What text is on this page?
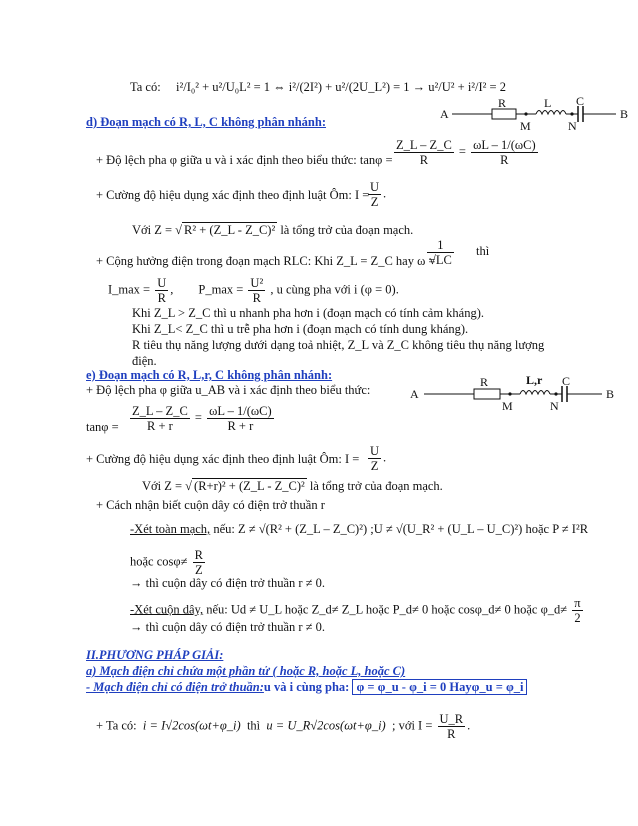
Ta có: i²/I₀² + u²/U₀L² = 1 ⇔ i²/(2I²) + u²/(2U_L²) = 1 → u²/U² + i²/I² = 2
d) Đoạn mạch có R, L, C không phân nhánh:
A	B
R	L C
M	N
+ Độ lệch pha φ giữa u và i xác định theo biểu thức: $\tan\varphi = \frac{Z\_L - Z\_C}{R} = \frac{\omega L - 1/(\omega C)}{R}$
+ Cường độ hiệu dụng xác định theo định luật Ôm: I =
$\frac{U}{Z}$ .
Với Z = √ R² + (Z_L - Z_C)² là tổng trở của đoạn mạch.
+ Cộng hưởng điện trong đoạn mạch RLC: Khi Z_L = Z_C hay ω =
$\frac{1}{√LC}$ thì
I_max = $\frac{U}{R}$ , P_max = $\frac{\text{U²}}{R}$ , u cùng pha với i (φ = 0).
Khi Z_L > Z_C thì u nhanh pha hơn i (đoạn mạch có tính cảm kháng).
Khi Z_L< Z_C thì u trễ pha hơn i (đoạn mạch có tính dung kháng).
R tiêu thụ năng lượng dưới dạng toả nhiệt, Z_L và Z_C không tiêu thụ năng lượng
điện.
e) Đoạn mạch có R, L,r, C không phân nhánh:
A	B
R	L,r C
M	N
+ Độ lệch pha φ giữa u_AB và i xác định theo biểu thức:
$\tan\varphi = \frac{Z\_L - Z\_C}{R + r} = \frac{\omega L - 1/(\omega C)}{R + r}$
+ Cường độ hiệu dụng xác định theo định luật Ôm: $I = \frac{U}{Z}$ .
Với Z = √ (R+r)² + (Z_L - Z_C)² là tổng trở của đoạn mạch.
+ Cách nhận biết cuộn dây có điện trở thuần r
-Xét toàn mạch, nếu: Z ≠ √(R² + (Z_L – Z_C)²) ;U ≠ √(U_R² + (U_L – U_C)²) hoặc P ≠ I²R
hoặc $\cos\varphi\ne \frac{R}{Z}$
→ thì cuộn dây có điện trở thuần r ≠ 0.
-Xét cuộn dây, nếu: Ud ≠ U_L hoặc Z_d≠ Z_L hoặc P_d≠ 0 hoặc cosφ_d≠ 0 hoặc φ_d≠ $\frac{\pi}{2}$
→ thì cuộn dây có điện trở thuần r ≠ 0.
II.PHƯƠNG PHÁP GIẢI:
a) Mạch điện chỉ chứa một phần tử ( hoặc R, hoặc L, hoặc C)
- Mạch điện chỉ có điện trở thuần:u và i cùng pha: φ = φ_u - φ_i = 0 Hayφ_u = φ_i
+ Ta có: i = I√2cos(ωt+φ_i) thì u = U_R√2cos(ωt+φ_i) ; với $I = \frac{U\_R}{R}$ .
